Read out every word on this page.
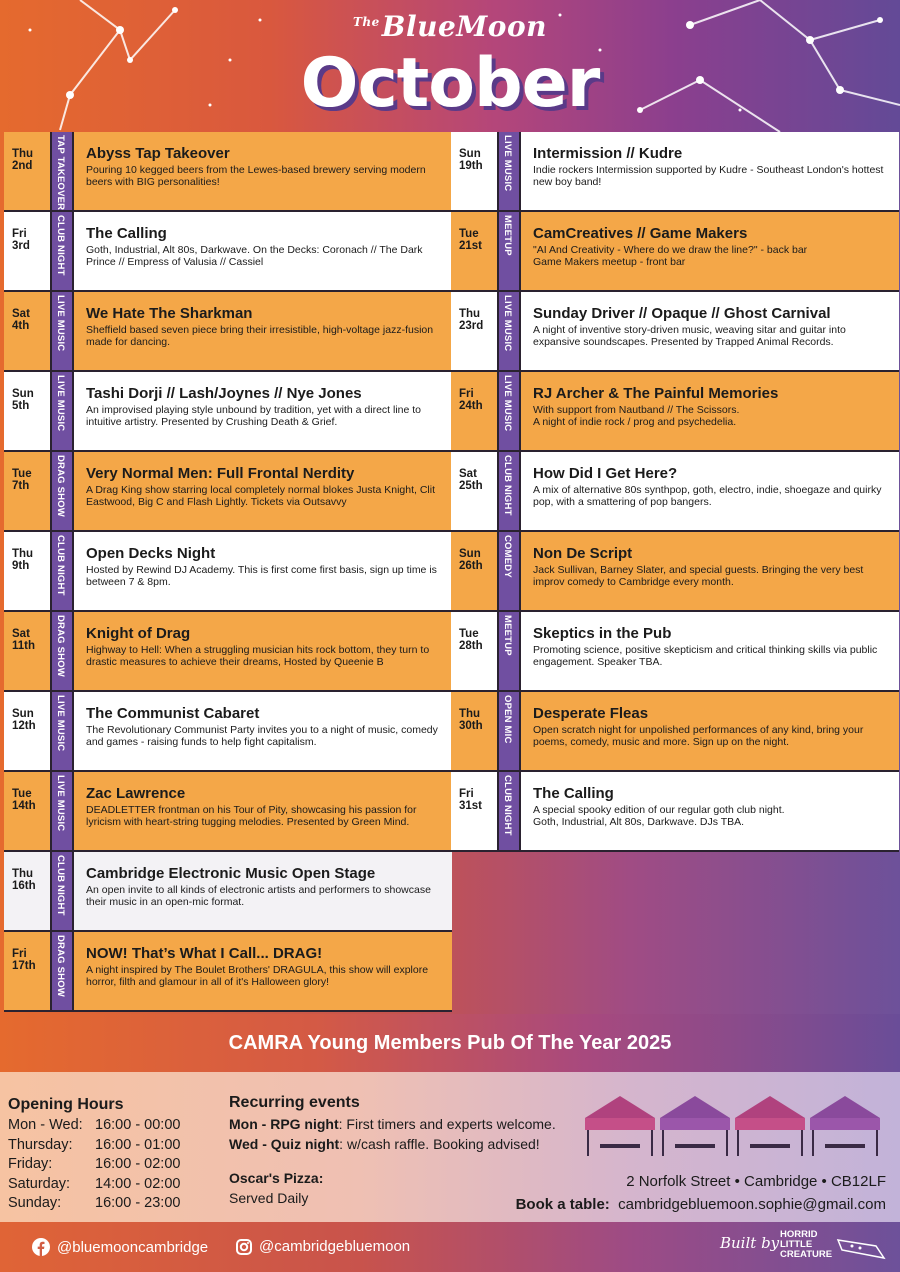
$^{The}$BlueMoon
October
Thu
2nd	TAP TAKEOVER	Abyss Tap Takeover
Pouring 10 kegged beers from the Lewes-based brewery serving modern beers with BIG personalities!
Fri
3rd	CLUB NIGHT	The Calling
Goth, Industrial, Alt 80s, Darkwave. On the Decks: Coronach // The Dark Prince // Empress of Valusia // Cassiel
Sat
4th	LIVE MUSIC	We Hate The Sharkman
Sheffield based seven piece bring their irresistible, high-voltage jazz-fusion made for dancing.
Sun
5th	LIVE MUSIC	Tashi Dorji // Lash/Joynes // Nye Jones
An improvised playing style unbound by tradition, yet with a direct line to intuitive artistry. Presented by Crushing Death & Grief.
Tue
7th	DRAG SHOW	Very Normal Men: Full Frontal Nerdity
A Drag King show starring local completely normal blokes Justa Knight, Clit Eastwood, Big C and Flash Lightly. Tickets via Outsavvy
Thu
9th	CLUB NIGHT	Open Decks Night
Hosted by Rewind DJ Academy. This is first come first basis, sign up time is between 7 & 8pm.
Sat
11th	DRAG SHOW	Knight of Drag
Highway to Hell: When a struggling musician hits rock bottom, they turn to drastic measures to achieve their dreams, Hosted by Queenie B
Sun
12th	LIVE MUSIC	The Communist Cabaret
The Revolutionary Communist Party invites you to a night of music, comedy and games - raising funds to help fight capitalism.
Tue
14th	LIVE MUSIC	Zac Lawrence
DEADLETTER frontman on his Tour of Pity, showcasing his passion for lyricism with heart-string tugging melodies. Presented by Green Mind.
Thu
16th	CLUB NIGHT	Cambridge Electronic Music Open Stage
An open invite to all kinds of electronic artists and performers to showcase their music in an open-mic format.
Fri
17th	DRAG SHOW	NOW! That’s What I Call... DRAG!
A night inspired by The Boulet Brothers' DRAGULA, this show will explore horror, filth and glamour in all of it's Halloween glory!
Sun
19th	LIVE MUSIC	Intermission // Kudre
Indie rockers Intermission supported by Kudre - Southeast London's hottest new boy band!
Tue
21st	MEETUP	CamCreatives // Game Makers
"AI And Creativity - Where do we draw the line?" - back bar
Game Makers meetup - front bar
Thu
23rd	LIVE MUSIC	Sunday Driver // Opaque // Ghost Carnival
A night of inventive story-driven music, weaving sitar and guitar into expansive soundscapes. Presented by Trapped Animal Records.
Fri
24th	LIVE MUSIC	RJ Archer & The Painful Memories
With support from Nautband // The Scissors.
A night of indie rock / prog and psychedelia.
Sat
25th	CLUB NIGHT	How Did I Get Here?
A mix of alternative 80s synthpop, goth, electro, indie, shoegaze and quirky pop, with a smattering of pop bangers.
Sun
26th	COMEDY	Non De Script
Jack Sullivan, Barney Slater, and special guests. Bringing the very best improv comedy to Cambridge every month.
Tue
28th	MEETUP	Skeptics in the Pub
Promoting science, positive skepticism and critical thinking skills via public engagement. Speaker TBA.
Thu
30th	OPEN MIC	Desperate Fleas
Open scratch night for unpolished performances of any kind, bring your poems, comedy, music and more. Sign up on the night.
Fri
31st	CLUB NIGHT	The Calling
A special spooky edition of our regular goth club night.
Goth, Industrial, Alt 80s, Darkwave. DJs TBA.
CAMRA Young Members Pub Of The Year 2025
Opening Hours
Mon - Wed: 16:00 - 00:00
Thursday: 16:00 - 01:00
Friday:	16:00 - 02:00
Saturday: 14:00 - 02:00
Sunday: 16:00 - 23:00
Recurring events

Mon - RPG night: First timers and experts welcome.

Wed - Quiz night: w/cash raffle. Booking advised!

Oscar's Pizza:

Served Daily

2 Norfolk Street • Cambridge • CB12LF
Book a table: cambridgebluemoon.sophie@gmail.com
@bluemooncambridge	@cambridgebluemoon	Built by HORRID
LITTLE
CREATURE
